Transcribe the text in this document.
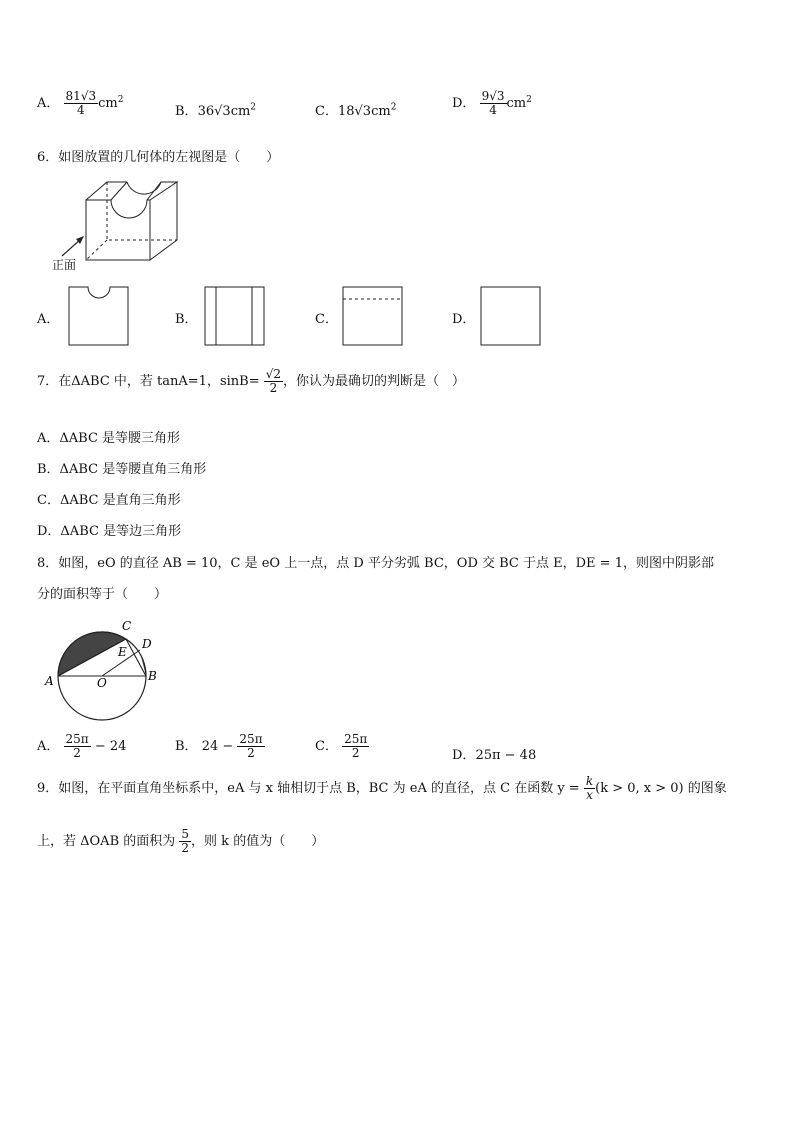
A． $\frac{81√3}{4} cm^2$
B．$36√3cm^2$	C．$18√3cm^2$	D． $\frac{9√3}{4} cm^2$
6．如图放置的几何体的左视图是（　　）
正面
A．	B．	C．	D．
7．在ΔABC 中，若 tanA=1，$\sin B= \frac{√2}{2}$ ，你认为最确切的判断是（　）
A．ΔABC 是等腰三角形
B．ΔABC 是等腰直角三角形
C．ΔABC 是直角三角形
D．ΔABC 是等边三角形
8．如图，eO 的直径 AB = 10，C 是 eO 上一点，点 D 平分劣弧 BC，OD 交 BC 于点 E，DE = 1，则图中阴影部
分的面积等于（　　）
C
D
E
A	O	B
A． $\frac{25\pi}{2} - 24$	B． $24 - \frac{25\pi}{2}$	C． $\frac{25\pi}{2}$	D．25π − 48
9．如图，在平面直角坐标系中，eA 与 x 轴相切于点 B，BC 为 eA 的直径，点 C 在函数 $y = \frac{k}{x} (k > 0$, x > 0) 的图象
上，若 ΔOAB 的面积为 $\frac{5}{2}$ ，则 k 的值为（　　）
